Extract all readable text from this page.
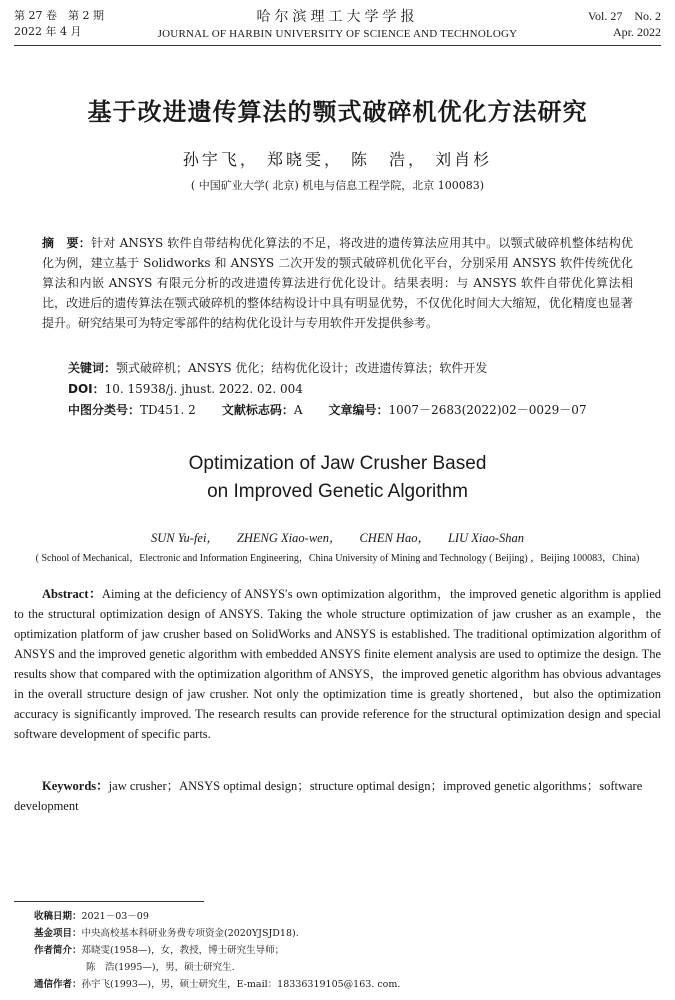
第 27 卷　第 2 期
2022 年 4 月
哈尔滨理工大学学报
JOURNAL OF HARBIN UNIVERSITY OF SCIENCE AND TECHNOLOGY
Vol. 27　No. 2
Apr. 2022
基于改进遗传算法的颚式破碎机优化方法研究
孙宇飞， 郑晓雯， 陈　浩， 刘肖杉
( 中国矿业大学( 北京) 机电与信息工程学院，北京 100083)
摘　要：针对 ANSYS 软件自带结构优化算法的不足，将改进的遗传算法应用其中。以颚式破碎机整体结构优化为例，建立基于 Solidworks 和 ANSYS 二次开发的颚式破碎机优化平台，分别采用 ANSYS 软件传统优化算法和内嵌 ANSYS 有限元分析的改进遗传算法进行优化设计。结果表明：与 ANSYS 软件自带优化算法相比，改进后的遗传算法在颚式破碎机的整体结构设计中具有明显优势，不仅优化时间大大缩短，优化精度也显著提升。研究结果可为特定零部件的结构优化设计与专用软件开发提供参考。
关键词：颚式破碎机；ANSYS 优化；结构优化设计；改进遗传算法；软件开发
DOI：10. 15938/j. jhust. 2022. 02. 004
中图分类号：TD451. 2 文献标志码：A 文章编号：1007－2683(2022)02－0029－07
Optimization of Jaw Crusher Based
on Improved Genetic Algorithm
SUN Yu-fei， ZHENG Xiao-wen， CHEN Hao， LIU Xiao-Shan
( School of Mechanical，Electronic and Information Engineering，China University of Mining and Technology ( Beijing) ，Beijing 100083，China)
Abstract：Aiming at the deficiency of ANSYS′s own optimization algorithm，the improved genetic algorithm is applied to the structural optimization design of ANSYS. Taking the whole structure optimization of jaw crusher as an example，the optimization platform of jaw crusher based on SolidWorks and ANSYS is established. The traditional optimization algorithm of ANSYS and the improved genetic algorithm with embedded ANSYS finite element analysis are used to optimize the design. The results show that compared with the optimization algorithm of ANSYS，the improved genetic algorithm has obvious advantages in the overall structure design of jaw crusher. Not only the optimization time is greatly shortened，but also the optimization accuracy is significantly improved. The research results can provide reference for the structural optimization design and special software development of specific parts.
Keywords：jaw crusher；ANSYS optimal design；structure optimal design；improved genetic algorithms；software development
收稿日期：2021－03－09
基金项目：中央高校基本科研业务费专项资金(2020YJSJD18).
作者简介：郑晓雯(1958—)，女，教授，博士研究生导师；
陈　浩(1995—)，男，硕士研究生.
通信作者：孙宇飞(1993—)，男，硕士研究生，E-mail：18336319105@163. com.
